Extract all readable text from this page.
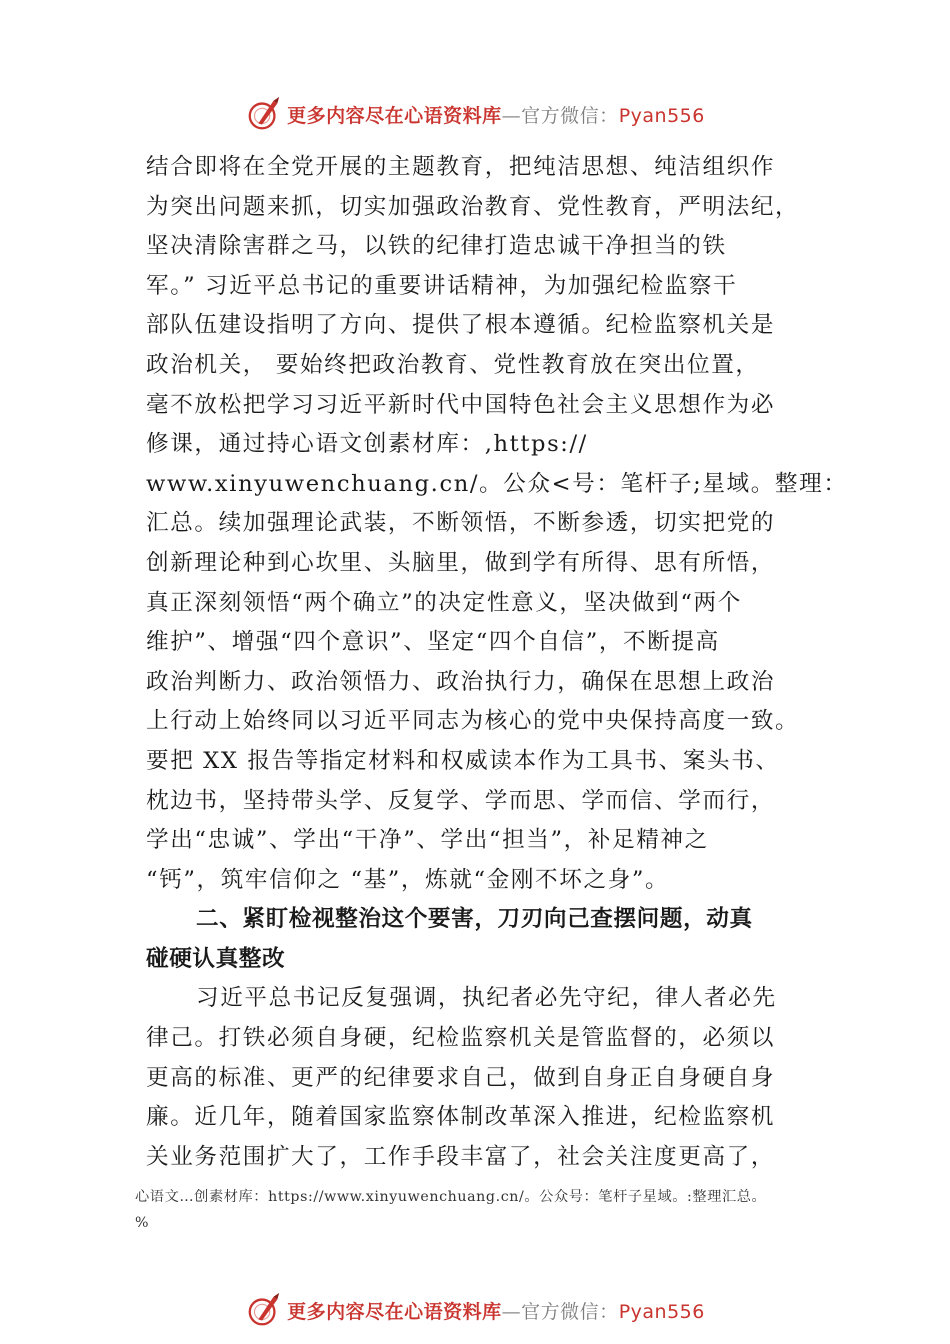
更多内容尽在心语资料库—官方微信：Pyan556
结合即将在全党开展的主题教育，把纯洁思想、纯洁组织作
为突出问题来抓，切实加强政治教育、党性教育，严明法纪，
坚决清除害群之马，以铁的纪律打造忠诚干净担当的铁
军。” 习近平总书记的重要讲话精神，为加强纪检监察干
部队伍建设指明了方向、提供了根本遵循。纪检监察机关是
政治机关， 要始终把政治教育、党性教育放在突出位置，
毫不放松把学习习近平新时代中国特色社会主义思想作为必
修课，通过持心语文创素材库：,https://
www.xinyuwenchuang.cn/。公众<号：笔杆子;星域。整理：
汇总。续加强理论武装，不断领悟，不断参透，切实把党的
创新理论种到心坎里、头脑里，做到学有所得、思有所悟，
真正深刻领悟“两个确立”的决定性意义，坚决做到“两个
维护”、增强“四个意识”、坚定“四个自信”，不断提高
政治判断力、政治领悟力、政治执行力，确保在思想上政治
上行动上始终同以习近平同志为核心的党中央保持高度一致。
要把 XX 报告等指定材料和权威读本作为工具书、案头书、
枕边书，坚持带头学、反复学、学而思、学而信、学而行，
学出“忠诚”、学出“干净”、学出“担当”，补足精神之
“钙”，筑牢信仰之 “基”，炼就“金刚不坏之身”。
二、紧盯检视整治这个要害，刀刃向己查摆问题，动真
碰硬认真整改
习近平总书记反复强调，执纪者必先守纪，律人者必先
律己。打铁必须自身硬，纪检监察机关是管监督的，必须以
更高的标准、更严的纪律要求自己，做到自身正自身硬自身
廉。近几年，随着国家监察体制改革深入推进，纪检监察机
关业务范围扩大了，工作手段丰富了，社会关注度更高了，
心语文…创素材库：https://www.xinyuwenchuang.cn/。公众号：笔杆子星域。:整理汇总。
%
更多内容尽在心语资料库—官方微信：Pyan556
